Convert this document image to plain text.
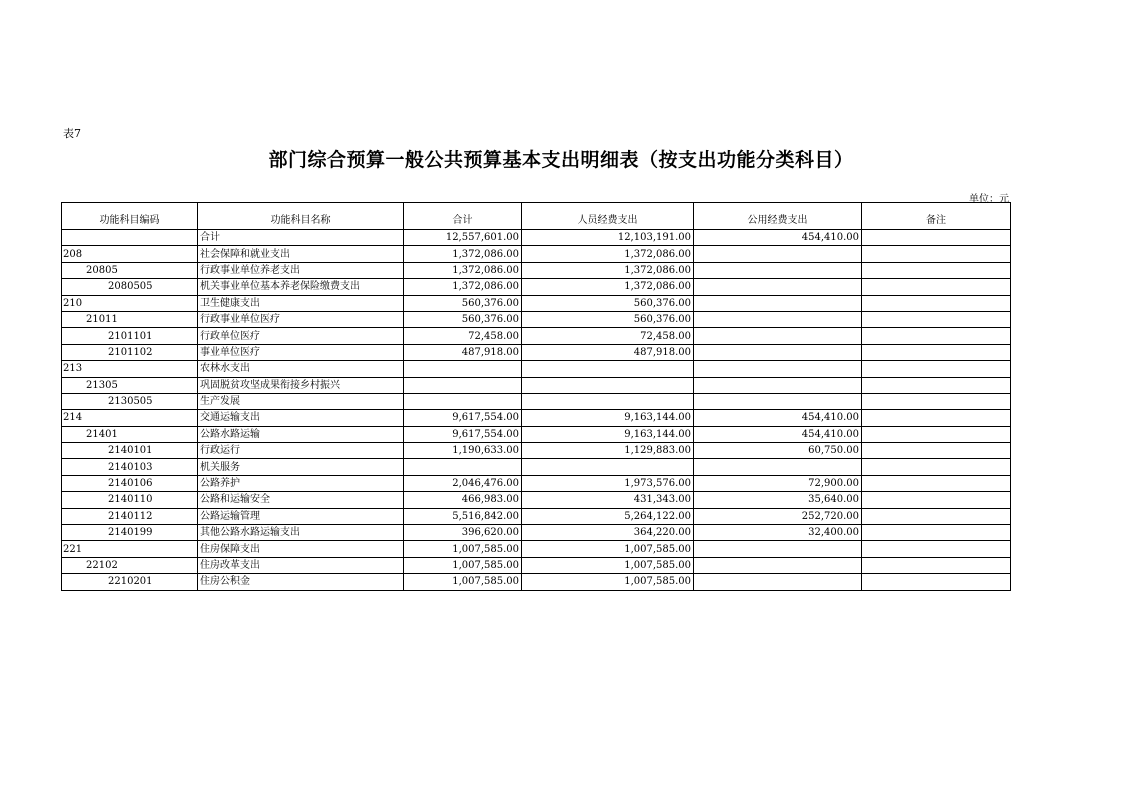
表7
部门综合预算一般公共预算基本支出明细表（按支出功能分类科目）
单位：元
功能科目编码	功能科目名称	合计	人员经费支出	公用经费支出	备注
	合计	12,557,601.00	12,103,191.00	454,410.00	
208	社会保障和就业支出	1,372,086.00	1,372,086.00		
20805	行政事业单位养老支出	1,372,086.00	1,372,086.00		
2080505	机关事业单位基本养老保险缴费支出	1,372,086.00	1,372,086.00		
210	卫生健康支出	560,376.00	560,376.00		
21011	行政事业单位医疗	560,376.00	560,376.00		
2101101	行政单位医疗	72,458.00	72,458.00		
2101102	事业单位医疗	487,918.00	487,918.00		
213	农林水支出				
21305	巩固脱贫攻坚成果衔接乡村振兴				
2130505	生产发展				
214	交通运输支出	9,617,554.00	9,163,144.00	454,410.00	
21401	公路水路运输	9,617,554.00	9,163,144.00	454,410.00	
2140101	行政运行	1,190,633.00	1,129,883.00	60,750.00	
2140103	机关服务				
2140106	公路养护	2,046,476.00	1,973,576.00	72,900.00	
2140110	公路和运输安全	466,983.00	431,343.00	35,640.00	
2140112	公路运输管理	5,516,842.00	5,264,122.00	252,720.00	
2140199	其他公路水路运输支出	396,620.00	364,220.00	32,400.00	
221	住房保障支出	1,007,585.00	1,007,585.00		
22102	住房改革支出	1,007,585.00	1,007,585.00		
2210201	住房公积金	1,007,585.00	1,007,585.00		
